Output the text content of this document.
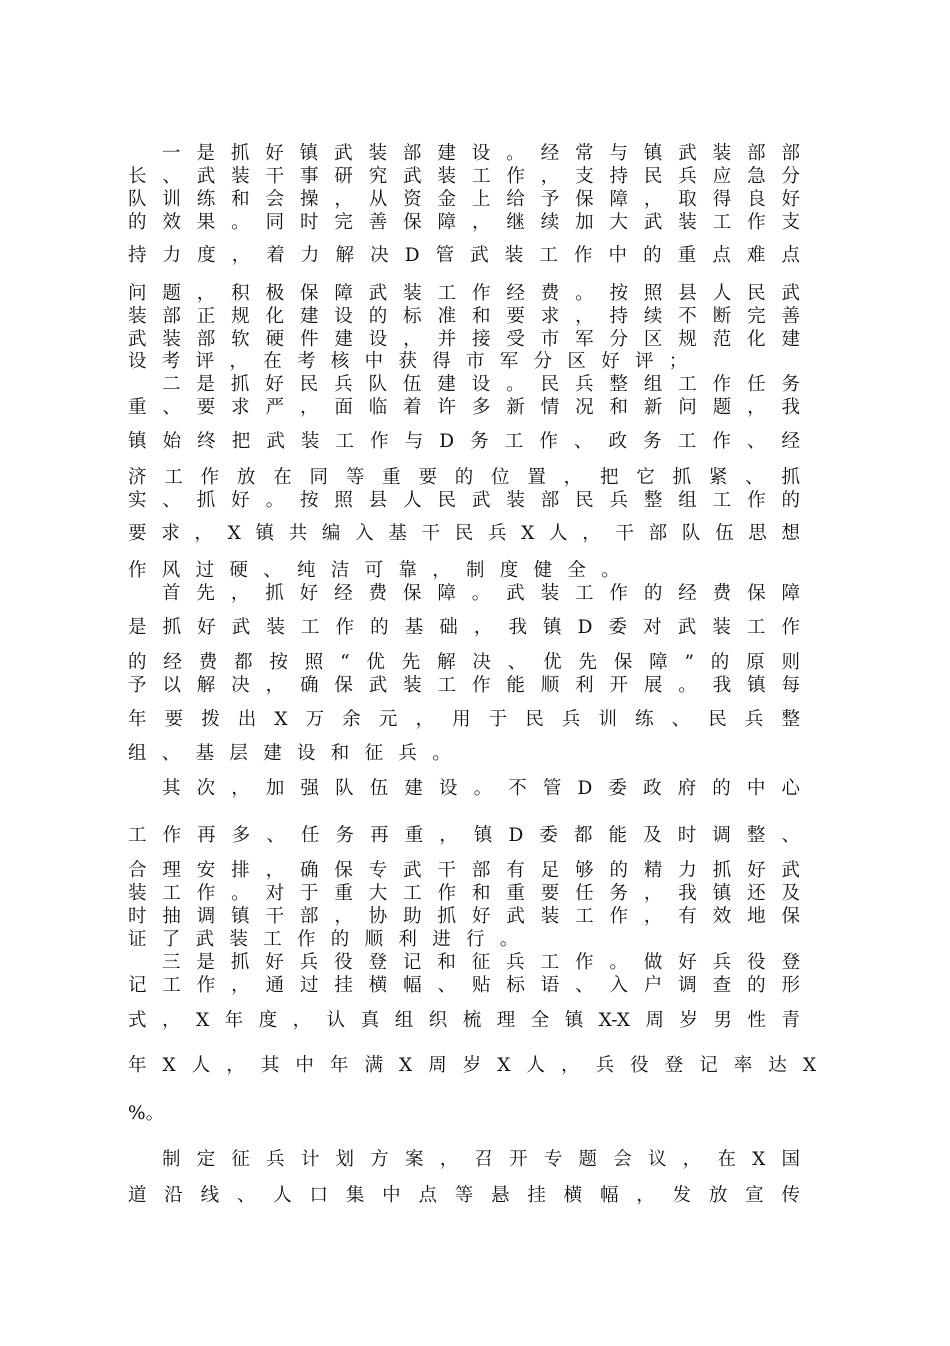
一是抓好镇武装部建设。经常与镇武装部部
长、武装干事研究武装工作，支持民兵应急分
队训练和会操，从资金上给予保障，取得良好
的效果。同时完善保障，继续加大武装工作支
持力度，着力解决D管武装工作中的重点难点
问题，积极保障武装工作经费。按照县人民武
装部正规化建设的标准和要求，持续不断完善
武装部软硬件建设，并接受市军分区规范化建
设考评，在考核中获得市军分区好评；
二是抓好民兵队伍建设。民兵整组工作任务
重、要求严，面临着许多新情况和新问题，我
镇始终把武装工作与D务工作、政务工作、经
济工作放在同等重要的位置，把它抓紧、抓
实、抓好。按照县人民武装部民兵整组工作的
要求，X镇共编入基干民兵X人，干部队伍思想
作风过硬、纯洁可靠，制度健全。
首先，抓好经费保障。武装工作的经费保障
是抓好武装工作的基础，我镇D委对武装工作
的经费都按照“优先解决、优先保障”的原则
予以解决，确保武装工作能顺利开展。我镇每
年要拨出X万余元，用于民兵训练、民兵整
组、基层建设和征兵。
其次，加强队伍建设。不管D委政府的中心
工作再多、任务再重，镇D委都能及时调整、
合理安排，确保专武干部有足够的精力抓好武
装工作。对于重大工作和重要任务，我镇还及
时抽调镇干部，协助抓好武装工作，有效地保
证了武装工作的顺利进行。
三是抓好兵役登记和征兵工作。做好兵役登
记工作，通过挂横幅、贴标语、入户调查的形
式，X年度，认真组织梳理全镇X-X周岁男性青
年X人，其中年满X周岁X人，兵役登记率达X
%。
制定征兵计划方案，召开专题会议，在X国
道沿线、人口集中点等悬挂横幅，发放宣传
